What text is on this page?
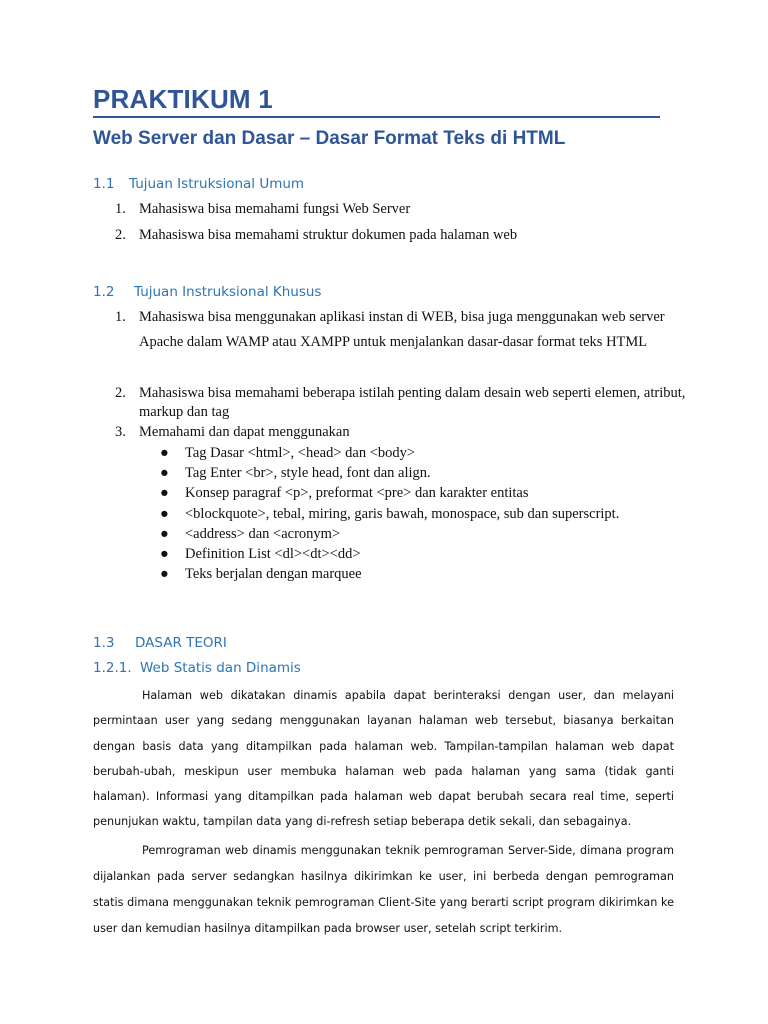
PRAKTIKUM 1
Web Server dan Dasar – Dasar Format Teks di HTML
1.1 Tujuan Istruksional Umum
1. Mahasiswa bisa memahami fungsi Web Server
2. Mahasiswa bisa memahami struktur dokumen pada halaman web
1.2 Tujuan Instruksional Khusus
1. Mahasiswa bisa menggunakan aplikasi instan di WEB, bisa juga menggunakan web server Apache dalam WAMP atau XAMPP untuk menjalankan dasar-dasar format teks HTML
2. Mahasiswa bisa memahami beberapa istilah penting dalam desain web seperti elemen, atribut, markup dan tag
3. Memahami dan dapat menggunakan
● Tag Dasar <html>, <head> dan <body>
● Tag Enter <br>, style head, font dan align.
● Konsep paragraf <p>, preformat <pre> dan karakter entitas
● <blockquote>, tebal, miring, garis bawah, monospace, sub dan superscript.
● <address> dan <acronym>
● Definition List <dl><dt><dd>
● Teks berjalan dengan marquee
1.3 DASAR TEORI
1.2.1. Web Statis dan Dinamis
Halaman web dikatakan dinamis apabila dapat berinteraksi dengan user, dan melayani permintaan user yang sedang menggunakan layanan halaman web tersebut, biasanya berkaitan dengan basis data yang ditampilkan pada halaman web. Tampilan-tampilan halaman web dapat berubah-ubah, meskipun user membuka halaman web pada halaman yang sama (tidak ganti halaman). Informasi yang ditampilkan pada halaman web dapat berubah secara real time, seperti penunjukan waktu, tampilan data yang di-refresh setiap beberapa detik sekali, dan sebagainya.
Pemrograman web dinamis menggunakan teknik pemrograman Server-Side, dimana program dijalankan pada server sedangkan hasilnya dikirimkan ke user, ini berbeda dengan pemrograman statis dimana menggunakan teknik pemrograman Client-Site yang berarti script program dikirimkan ke user dan kemudian hasilnya ditampilkan pada browser user, setelah script terkirim.
